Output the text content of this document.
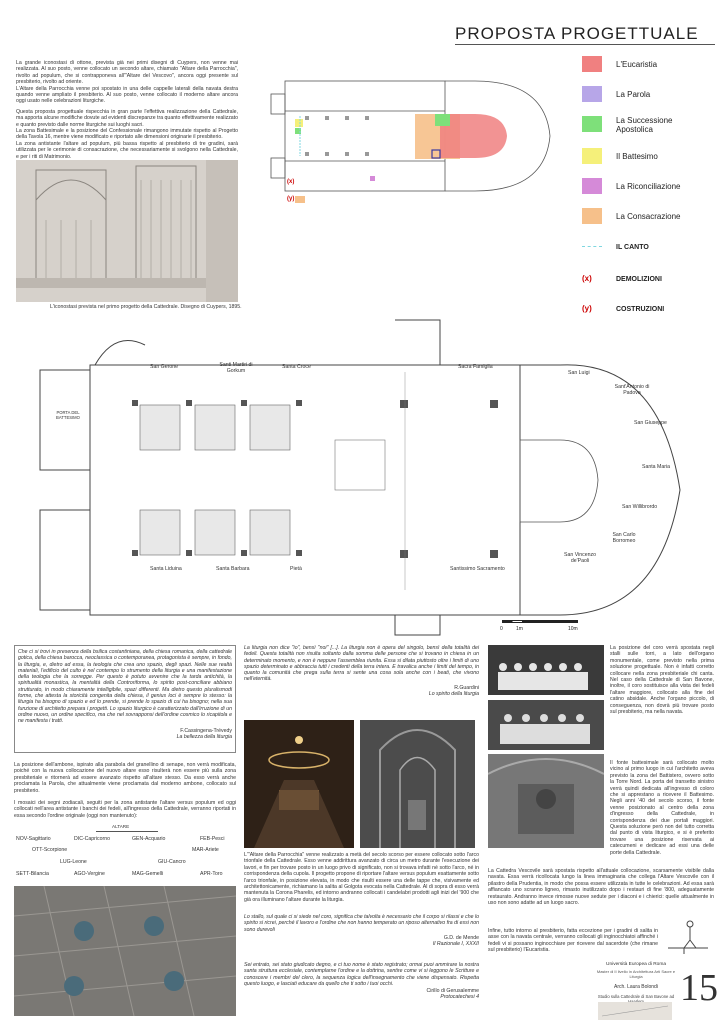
PROPOSTA PROGETTUALE

La grande iconostasi di ottone, prevista già nei primi disegni di Cuypers, non venne mai realizzata. Al suo posto, venne collocato un secondo altare, chiamato "Altare della Parrocchia", rivolto ad populum, che si contrapponeva all'"Altare del Vescovo", ancora oggi presente sul presbiterio, rivolto ad oriente.

L'Altare della Parrocchia venne poi spostato in una delle cappelle laterali della navata destra quando venne ampliato il presbiterio. Al suo posto, venne collocato il moderno altare ancora oggi usato nelle celebrazioni liturgiche.

Questa proposta progettuale rispecchia in gran parte l'effettiva realizzazione della Cattedrale, ma apporta alcune modifiche dovute ad evidenti discrepanze tra quanto effettivamente realizzato e quanto previsto dalle norme liturgiche sui luoghi sacri.

La zona Battesimale e la posizione del Confessionale rimangono immutate rispetto al Progetto della Tavola 16, mentre viene modificato e riportato alle dimensioni originarie il presbiterio.

La zona antistante l'altare ad populum, più bassa rispetto al presbiterio di tre gradini, sarà utilizzata per le cerimonie di consacrazione, che necessariamente si svolgono nella Cattedrale, e per i riti di Matrimonio.

L'iconostasi prevista nel primo progetto della Cattedrale. Disegno di Cuypers, 1895.
(x)
(y)
L'Eucaristia
La Parola
La Successione Apostolica
Il Battesimo
La Riconciliazione
La Consacrazione
IL CANTO
(x)	DEMOLIZIONI
(y)	COSTRUZIONI
PORTA DEL BATTESIMO
San Gerone	Santi Martiri di Gorkum
Santa Croce	Sacra Famiglia
San Luigi
Sant'Antonio di Padova
San Giuseppe
Santa Maria
San Willibrordo
San Carlo Borromeo
San Vincenzo de'Paoli
Santa Liduina	Santa Barbara	Pietà	Santissimo Sacramento
0	1m	10m

Che ci si trovi in presenza della bsilica costantiniana, della chiesa romanica, della cattedrale gotica, della chiesa barocca, neoclassica o contemporanea, protagonista è sempre, in fondo, la liturgia, e, dietro ad essa, la teologia che crea uno spazio, degli spazi. Nelle sue realtà materiali, l'edificio del culto è nel contempo lo strumento della liturgia e una manifestazione della teologia che la sorregge. Per questo è potuto avvenire che la tarda antichità, la spiritualità monastica, la mentalità della Controriforma, lo spirito post-conciliare abbiano strutturato, in modo chiaramente intelligibile, spazi differenti. Ma dietro questo pluralismodi forme, che attesta la storicità congenita della chiesa, il genius loci è sempre lo stesso: la liturgia ha bisogno di spazio e ed lo prende, si prende lo spazio di cui ha bisogno; nella sua funzione di architetto prepara i progetti. Lo spazio liturgico è caratterizzato dall'irruzione di un ordine nuovo, un ordine specifico, ma che nel sovrapponsi dell'ordine cosmico lo ricapitola e ne manifesta i tratti.

F.Cassingena-Trévedy

La bellezza della liturgia

La posizione dell'ambone, ispirato alla parabola del granellino di senape, non verrà modificata, poiché con la nuova collocazione del nuovo altare esso risulterà non essere più sulla zona presbiteriale e ritornerà ad essere avanzato rispetto all'altare stesso. Da esso verrà anche proclamata la Parola, che attualmente viene proclamata dal moderno ambone, collocato sul presbiterio.
I mosaici dei segni zodiacali, seguiti per la zona antistante l'altare versus populum ed oggi collocati nell'area antistante i banchi dei fedeli, all'ingresso della Cattedrale, verranno riportati in essa secondo l'ordine originale (oggi non mantenuto):
ALTARE
NOV-Sagittario	DIC-Capricorno	GEN-Acquario	FEB-Pesci
OTT-Scorpione	MAR-Ariete
LUG-Leone	GIU-Cancro
SETT-Bilancia	AGO-Vergine	MAG-Gemelli	APR-Toro

La liturgia non dice "io", bensì "noi" [...]. La liturgia non è opera del singolo, bensì della totalità dei fedeli. Questa totalità non risulta soltanto dalla somma delle persone che si trovano in chiesa in un determinato momento, e non è neppure l'assemblea riunita. Essa si dilata piuttosto oltre i limiti di uno spazio determinato e abbraccia tutti i credenti della terra intera. E travalica anche i limiti del tempo, in quanto la comunità che prega sulla terra si sente una cosa sola anche con i beati, che vivono nell'eternità.

R.Guardini

Lo spirito della liturgia

L'"Altare della Parrocchia" venne realizzato a metà del secolo scorso per essere collocato sotto l'arco trionfale della Cattedrale. Esso venne addirittura avanzato di circa un metro durante l'esecuzione dei lavori, e fin per trovare posto in un luogo privo di significato, non si trovava infatti né sotto l'arco, né in corrispondenza della cupola. Il progetto propone di riportare l'altare versus populum esattamente sotto l'arco trionfale, in posizione elevata, in modo che risulti essere una delle tappe che, visivamente ed architettonicamente, richiamano la salita al Golgota evocata nella Cattedrale. Al di sopra di esso verrà mantenuta la Corona Pharelis, ed intorno andranno collocati i candelabri prodotti agli inizi del '900 che già ora illuminano l'altare durante la liturgia.

Lo stallo, sul quale ci si siede nel coro, significa che talvolta è necessario che il corpo si rilassi e che lo spirito si ricrei, perché il lavoro e l'ordine che non hanno temperato un riposo alternativo fra di essi non sono durevoli

G.D. de Mende

Il Razionale I, XXXII

Sei entrato, sei stato giudicato degno, e ci tuo nome è stato registrato; ormai puoi ammirare la nostra santa struttura ecclesiale, contemplarne l'ordine e la dottrina, sentire come vi si leggono le Scritture e conoscere i membri del clero, la sequenza logica dell'insegnamento che viene dispensato. Rispetta questo luogo, e lasciati educare da quello che ti sotto i tuoi occhi.

Cirillo di Gerusalemme

Protocatechesi 4

La posizione del coro verrà spostata negli stalli sulle torri, a lato dell'organo monumentale, come previsto nella prima soluzione progettuale. Non è infatti corretto collocare nella zona presbiteriale chi canta. Nel caso della Cattedrale di San Bavone, inoltre, il coro sostituisce alla vista dei fedeli l'altare maggiore, collocato alla fine del catino absidale. Anche l'organo piccolo, di conseguenza, non dovrà più trovare posto sul presbiterio, ma nella navata.
Il fonte battesimale sarà collocato molto vicino al primo luogo in cui l'architetto aveva previsto la zona del Battistero, ovvero sotto la Torre Nord. La porta del transetto sinistro verrà quindi dedicata all'ingresso di coloro che si apprestano a ricevere il Battesimo. Negli anni '40 del secolo scorso, il fonte venne posizionato al centro della zona d'ingresso della Cattedrale, in corrispondenza dei due portali maggiori. Questa soluzione però non del tutto corretta dal punto di vista liturgico, e si è preferito trovare una posizione riservata ai catecumeni e dedicare ad essi una delle porte della Cattedrale.
La Cattedra Vescovile sarà spostata rispetto all'attuale collocazione, scarsamente visibile dalla navata. Essa verrà ricollocata lungo la linea immaginaria che collega l'Altare Vescovile con il pilastro della Prudentia, in modo che possa essere utilizzata in tutte le celebrazioni. Ad essa sarà affiancato uno scranno ligneo, rimasto inutilizzato dopo i restauri di fine '800, adeguatamente restaurato. Andranno invece rimosse nuove sedute per i diaconi e i chierici: quelle attualmente in uso non sono adatte ad un luogo sacro.
Infine, tutto intorno al presbiterio, fatta eccezione per i gradini di salita in asse con la navata centrale, verranno collocati gli inginocchiatoi affinché i fedeli vi si possano inginocchiare per ricevere dal sacerdote (che rimane sul presbiterio) l'Eucaristia.
Università Europea di Roma
Master di II livello in Architettura Arti Sacre e Liturgia
Arch. Laura Bolondi
Studio sulla Cattedrale di San Bavone ad 15
